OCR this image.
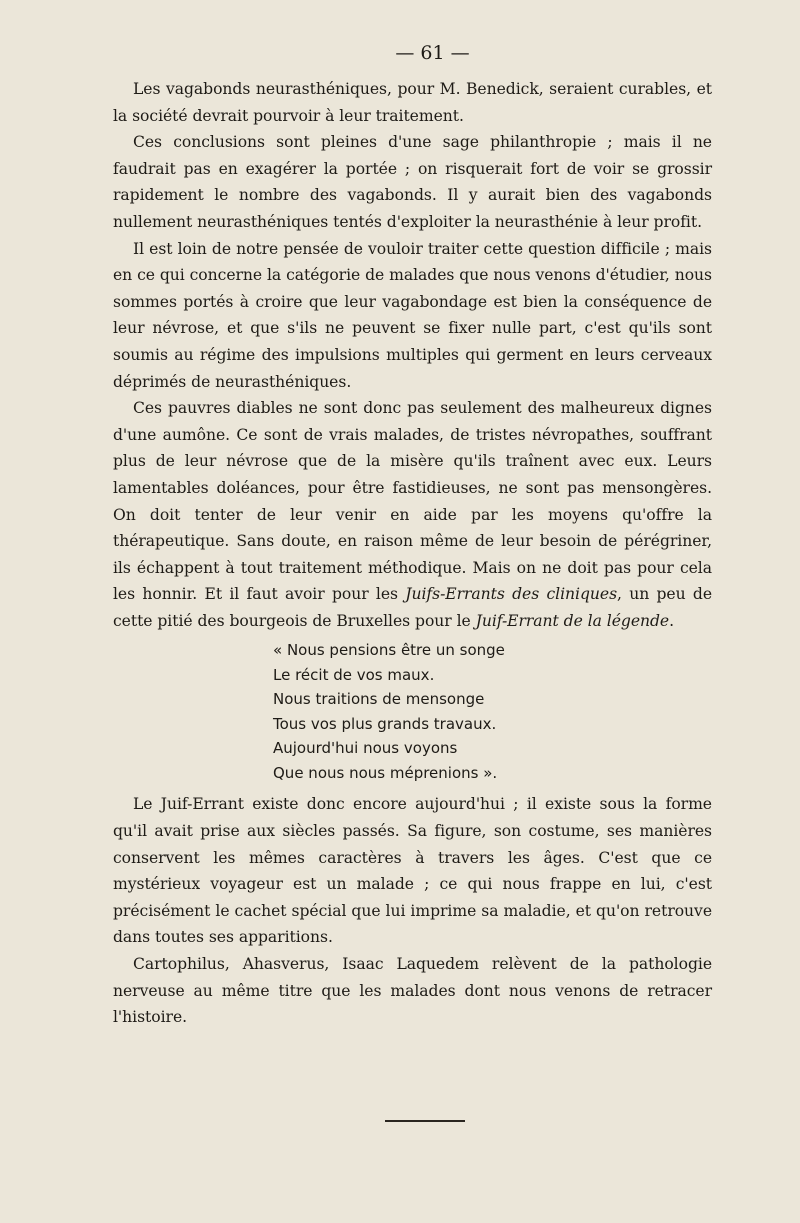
— 61 —

Les vagabonds neurasthéniques, pour M. Benedick, seraient curables, et la société devrait pourvoir à leur traitement.

Ces conclusions sont pleines d'une sage philanthropie ; mais il ne faudrait pas en exagérer la portée ; on risquerait fort de voir se grossir rapidement le nombre des vagabonds. Il y aurait bien des vagabonds nullement neurasthéniques tentés d'exploiter la neurasthénie à leur profit.

Il est loin de notre pensée de vouloir traiter cette question difficile ; mais en ce qui concerne la catégorie de malades que nous venons d'étudier, nous sommes portés à croire que leur vagabondage est bien la conséquence de leur névrose, et que s'ils ne peuvent se fixer nulle part, c'est qu'ils sont soumis au régime des impulsions multiples qui germent en leurs cerveaux déprimés de neurasthéniques.

Ces pauvres diables ne sont donc pas seulement des malheureux dignes d'une aumône. Ce sont de vrais malades, de tristes névropathes, souffrant plus de leur névrose que de la misère qu'ils traînent avec eux. Leurs lamentables doléances, pour être fastidieuses, ne sont pas mensongères. On doit tenter de leur venir en aide par les moyens qu'offre la thérapeutique. Sans doute, en raison même de leur besoin de pérégriner, ils échappent à tout traitement méthodique. Mais on ne doit pas pour cela les honnir. Et il faut avoir pour les Juifs-Errants des cliniques, un peu de cette pitié des bourgeois de Bruxelles pour le Juif-Errant de la légende.

« Nous pensions être un songe
Le récit de vos maux.
Nous traitions de mensonge
Tous vos plus grands travaux.
Aujourd'hui nous voyons
Que nous nous méprenions ».

Le Juif-Errant existe donc encore aujourd'hui ; il existe sous la forme qu'il avait prise aux siècles passés. Sa figure, son costume, ses manières conservent les mêmes caractères à travers les âges. C'est que ce mystérieux voyageur est un malade ; ce qui nous frappe en lui, c'est précisément le cachet spécial que lui imprime sa maladie, et qu'on retrouve dans toutes ses apparitions.

Cartophilus, Ahasverus, Isaac Laquedem relèvent de la pathologie nerveuse au même titre que les malades dont nous venons de retracer l'histoire.
